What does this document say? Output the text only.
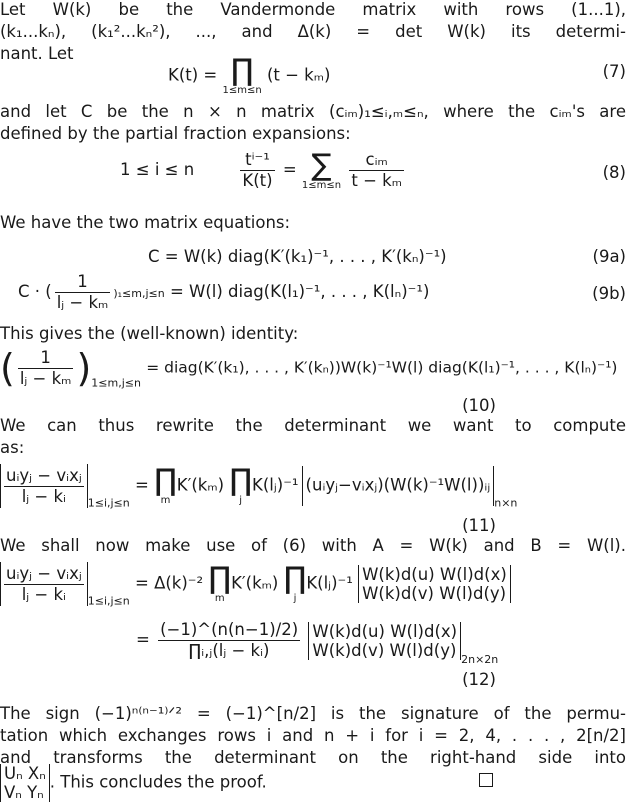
Let W(k) be the Vandermonde matrix with rows (1...1),
(k₁...kₙ), (k₁²...kₙ²), ..., and Δ(k) = det W(k) its determi-
nant. Let
K(t) = ∏
1≤m≤n
(t − kₘ)	(7)
and let C be the n × n matrix (cᵢₘ)₁≤ᵢ,ₘ≤ₙ, where the cᵢₘ's are
defined by the partial fraction expansions:
1 ≤ i ≤ n	$\frac{\text{tⁱ⁻¹}}{K(t)}$ = ∑
1≤m≤n
$\frac{\text{cᵢₘ}}{\text{t − kₘ}}$	(8)
We have the two matrix equations:
C = W(k) diag(K′(k₁)⁻¹, . . . , K′(kₙ)⁻¹)	(9a)
C · ( $\frac{1}{\text{lⱼ − kₘ}} )_1\le m,j\le n = W(l)$ diag(K(l₁)⁻¹, . . . , K(lₙ)⁻¹)	(9b)
This gives the (well-known) identity:
( $\frac{1}{\text{lⱼ − kₘ}} )_{1\le m,j\le n}$ = diag(K′(k₁), . . . , K′(kₙ))W(k)⁻¹W(l) diag(K(l₁)⁻¹, . . . , K(lₙ)⁻¹)
(10)
We can thus rewrite the determinant we want to compute
as:
$\frac{\text{uᵢyⱼ − vᵢxⱼ}}{\text{lⱼ − kᵢ}} _{1\le i,j\le n}$ = ∏
m
K′(kₘ) ∏
j
K(lⱼ)⁻¹ (uᵢyⱼ−vᵢxⱼ)(W(k)⁻¹W(l))ᵢⱼ$_{n\times n}$
(11)
We shall now make use of (6) with A = W(k) and B = W(l).
$\frac{\text{uᵢyⱼ − vᵢxⱼ}}{\text{lⱼ − kᵢ}} _{1\le i,j\le n} = \Delta(k)^{-2}$ ∏
m
K′(kₘ) ∏
j
K(lⱼ)⁻¹ W(k)d(u) W(l)d(x)
W(k)d(v) W(l)d(y)
= $\frac{(-1)\^{}(n(n-1)/2)}{\text{∏ᵢ,ⱼ(lⱼ − kᵢ)}}$
W(k)d(u) W(l)d(x)
W(k)d(v) W(l)d(y) $_{2n\times 2n}$
(12)
The sign (−1)ⁿ⁽ⁿ⁻¹⁾ᐟ² = (−1)^[n/2] is the signature of the permu-
tation which exchanges rows i and n + i for i = 2, 4, . . . , 2[n/2]
and transforms the determinant on the right-hand side into
Uₙ Xₙ
Vₙ Yₙ
. This concludes the proof.
